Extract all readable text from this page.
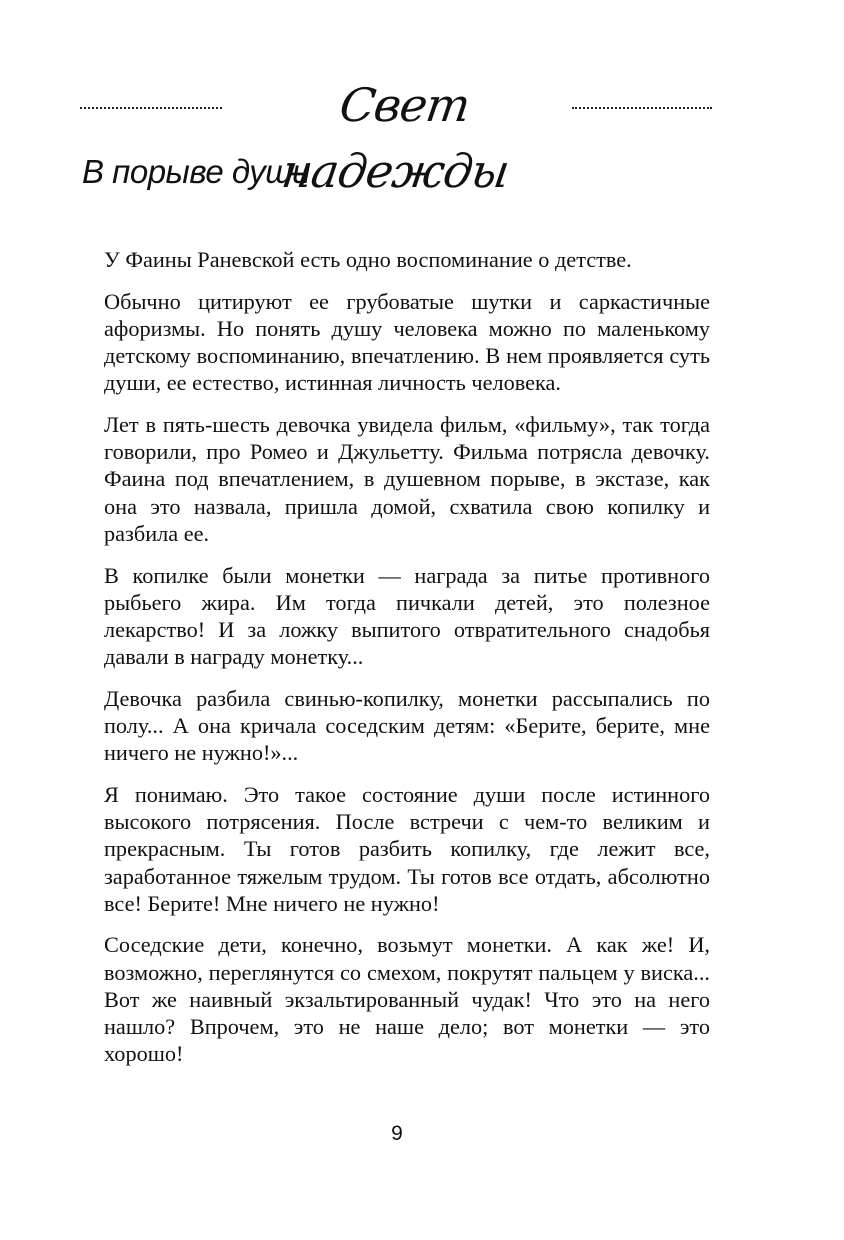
Свет надежды
В порыве души

У Фаины Раневской есть одно воспоминание о детстве.

Обычно цитируют ее грубоватые шутки и саркастичные афоризмы. Но понять душу человека можно по маленькому детскому воспоминанию, впечатлению. В нем проявляется суть души, ее естество, истинная личность человека.

Лет в пять-шесть девочка увидела фильм, «фильму», так тогда говорили, про Ромео и Джульетту. Фильма потрясла девочку. Фаина под впечатлением, в душевном порыве, в экстазе, как она это назвала, пришла домой, схватила свою копилку и разбила ее.

В копилке были монетки — награда за питье противного рыбьего жира. Им тогда пичкали детей, это полезное лекарство! И за ложку выпитого отвратительного снадобья давали в награду монетку...

Девочка разбила свинью-копилку, монетки рассыпались по полу... А она кричала соседским детям: «Берите, берите, мне ничего не нужно!»...

Я понимаю. Это такое состояние души после истинного высокого потрясения. После встречи с чем-то великим и прекрасным. Ты готов разбить копилку, где лежит все, заработанное тяжелым трудом. Ты готов все отдать, абсолютно все! Берите! Мне ничего не нужно!

Соседские дети, конечно, возьмут монетки. А как же! И, возможно, переглянутся со смехом, покрутят пальцем у виска... Вот же наивный экзальтированный чудак! Что это на него нашло? Впрочем, это не наше дело; вот монетки — это хорошо!

9
